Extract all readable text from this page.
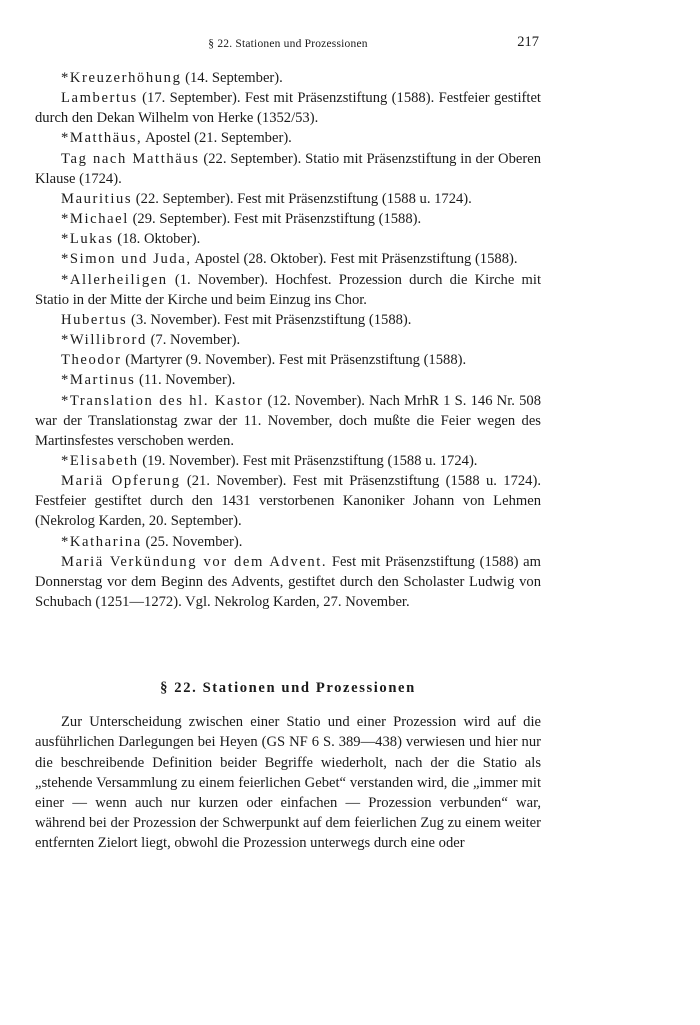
§ 22. Stationen und Prozessionen	217

*Kreuzerhöhung (14. September).

Lambertus (17. September). Fest mit Präsenzstiftung (1588). Festfeier gestiftet durch den Dekan Wilhelm von Herke (1352/53).

*Matthäus, Apostel (21. September).

Tag nach Matthäus (22. September). Statio mit Präsenzstiftung in der Oberen Klause (1724).

Mauritius (22. September). Fest mit Präsenzstiftung (1588 u. 1724).

*Michael (29. September). Fest mit Präsenzstiftung (1588).

*Lukas (18. Oktober).

*Simon und Juda, Apostel (28. Oktober). Fest mit Präsenzstiftung (1588).

*Allerheiligen (1. November). Hochfest. Prozession durch die Kirche mit Statio in der Mitte der Kirche und beim Einzug ins Chor.

Hubertus (3. November). Fest mit Präsenzstiftung (1588).

*Willibrord (7. November).

Theodor (Martyrer (9. November). Fest mit Präsenzstiftung (1588).

*Martinus (11. November).

*Translation des hl. Kastor (12. November). Nach MrhR 1 S. 146 Nr. 508 war der Translationstag zwar der 11. November, doch mußte die Feier wegen des Martinsfestes verschoben werden.

*Elisabeth (19. November). Fest mit Präsenzstiftung (1588 u. 1724).

Mariä Opferung (21. November). Fest mit Präsenzstiftung (1588 u. 1724). Festfeier gestiftet durch den 1431 verstorbenen Kanoniker Johann von Lehmen (Nekrolog Karden, 20. September).

*Katharina (25. November).

Mariä Verkündung vor dem Advent. Fest mit Präsenzstiftung (1588) am Donnerstag vor dem Beginn des Advents, gestiftet durch den Scholaster Ludwig von Schubach (1251—1272). Vgl. Nekrolog Karden, 27. November.

§ 22. Stationen und Prozessionen

Zur Unterscheidung zwischen einer Statio und einer Prozession wird auf die ausführlichen Darlegungen bei Heyen (GS NF 6 S. 389—438) verwiesen und hier nur die beschreibende Definition beider Begriffe wiederholt, nach der die Statio als „stehende Versammlung zu einem feierlichen Gebet“ verstanden wird, die „immer mit einer — wenn auch nur kurzen oder einfachen — Prozession verbunden“ war, während bei der Prozession der Schwerpunkt auf dem feierlichen Zug zu einem weiter entfernten Zielort liegt, obwohl die Prozession unterwegs durch eine oder
